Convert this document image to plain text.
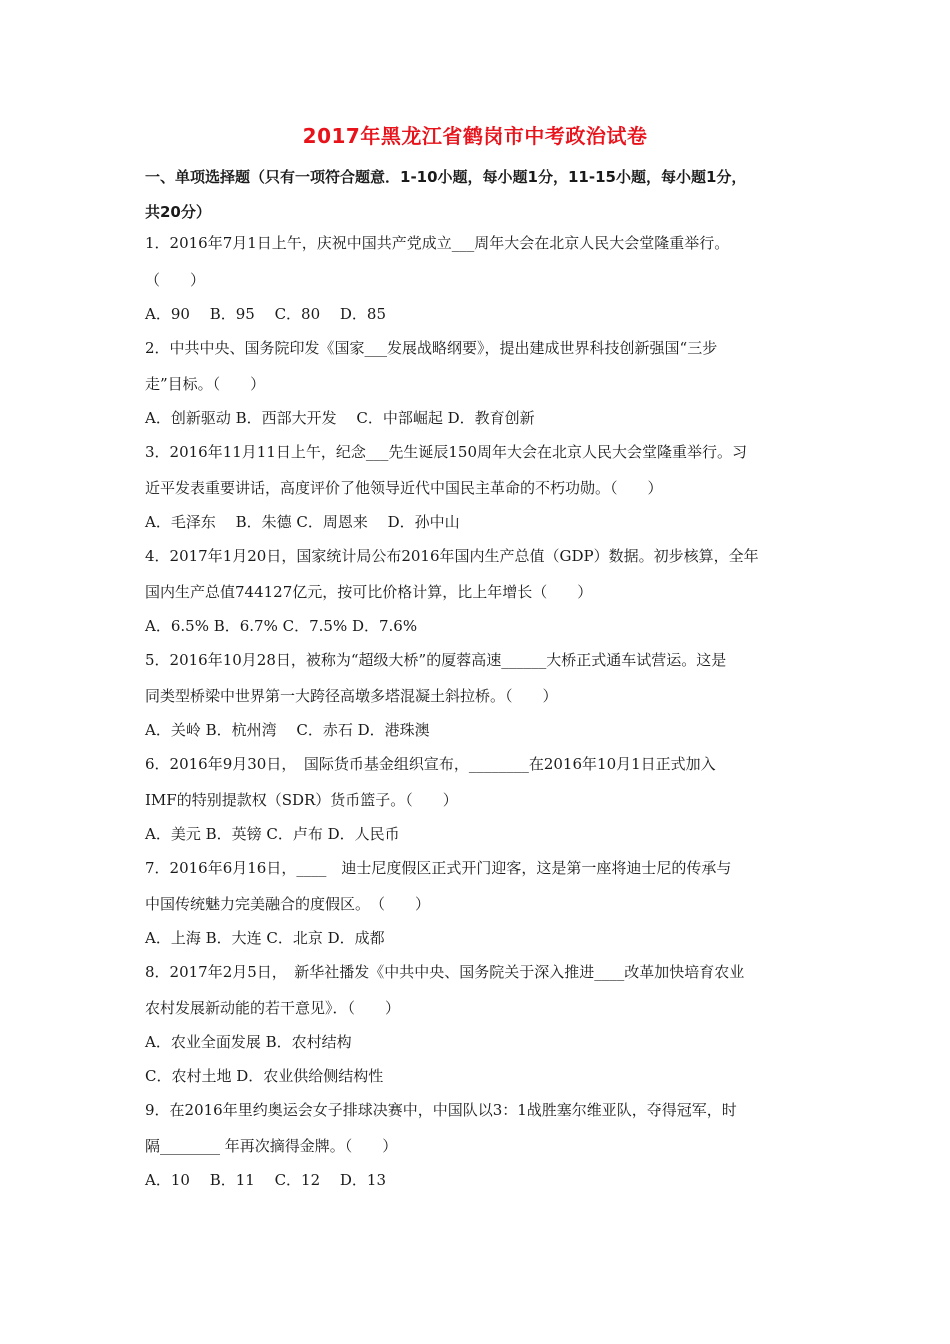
2017年黑龙江省鹤岗市中考政治试卷
一、单项选择题（只有一项符合题意．1-10小题，每小题1分，11-15小题，每小题1分，
共20分）
1．2016年7月1日上午，庆祝中国共产党成立___周年大会在北京人民大会堂隆重举行。
（　　）
A．90　 B．95　 C．80　 D．85
2．中共中央、国务院印发《国家___发展战略纲要》，提出建成世界科技创新强国“三步
走”目标。（　　）
A．创新驱动 B．西部大开发　 C．中部崛起 D．教育创新
3．2016年11月11日上午，纪念___先生诞辰150周年大会在北京人民大会堂隆重举行。习
近平发表重要讲话，高度评价了他领导近代中国民主革命的不朽功勋。（　　）
A．毛泽东　 B．朱德 C．周恩来　 D．孙中山
4．2017年1月20日，国家统计局公布2016年国内生产总值（GDP）数据。初步核算，全年
国内生产总值744127亿元，按可比价格计算，比上年增长（　　）
A．6.5% B．6.7% C．7.5% D．7.6%
5．2016年10月28日，被称为“超级大桥”的厦蓉高速______大桥正式通车试营运。这是
同类型桥梁中世界第一大跨径高墩多塔混凝土斜拉桥。（　　）
A．关岭 B．杭州湾　 C．赤石 D．港珠澳
6．2016年9月30日，　国际货币基金组织宣布，________在2016年10月1日正式加入
IMF的特别提款权（SDR）货币篮子。（　　）
A．美元 B．英镑 C．卢布 D．人民币
7．2016年6月16日，____　迪士尼度假区正式开门迎客，这是第一座将迪士尼的传承与
中国传统魅力完美融合的度假区。　（　　）
A．上海 B．大连 C．北京 D．成都
8．2017年2月5日，　新华社播发《中共中央、国务院关于深入推进____改革加快培育农业
农村发展新动能的若干意见》．（　　）
A．农业全面发展 B．农村结构
C．农村土地 D．农业供给侧结构性
9．在2016年里约奥运会女子排球决赛中，中国队以3：1战胜塞尔维亚队，夺得冠军，时
隔________ 年再次摘得金牌。（　　）
A．10　 B．11　 C．12　 D．13
